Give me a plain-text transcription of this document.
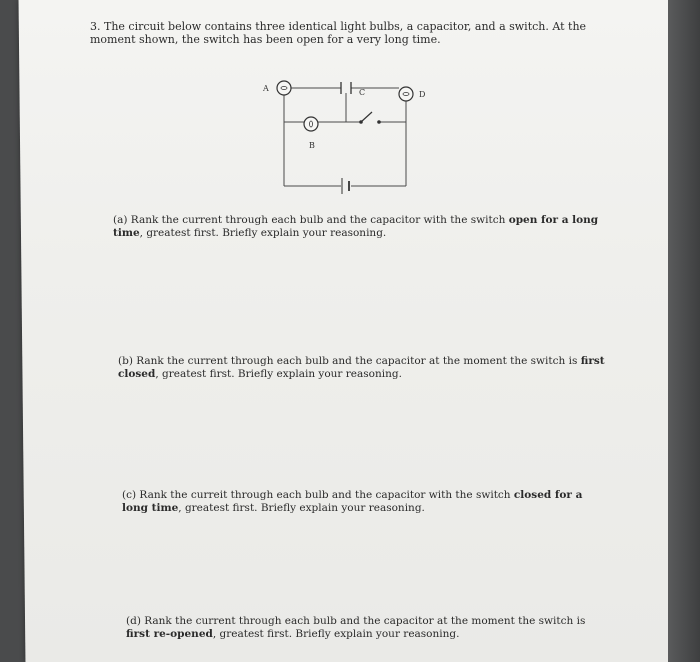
3. The circuit below contains three identical light bulbs, a capacitor, and a switch. At the moment shown, the switch has been open for a very long time.
A	C	D
B
(a) Rank the current through each bulb and the capacitor with the switch open for a long time, greatest first. Briefly explain your reasoning.
(b) Rank the current through each bulb and the capacitor at the moment the switch is first closed, greatest first. Briefly explain your reasoning.
(c) Rank the curreit through each bulb and the capacitor with the switch closed for a long time, greatest first. Briefly explain your reasoning.
(d) Rank the current through each bulb and the capacitor at the moment the switch is first re-opened, greatest first. Briefly explain your reasoning.
